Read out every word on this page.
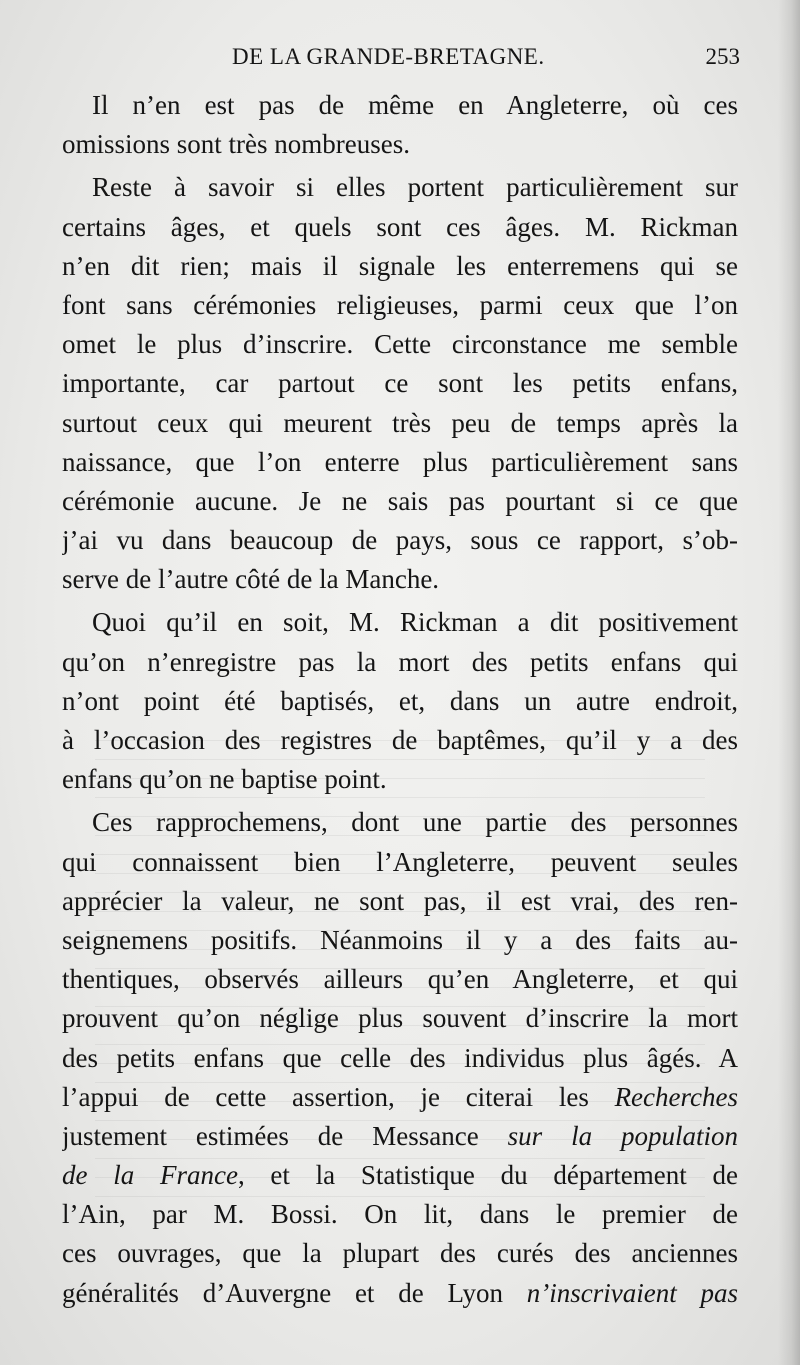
DE LA GRANDE-BRETAGNE.	253
Il n’en est pas de même en Angleterre, où ces
omissions sont très nombreuses.
Reste à savoir si elles portent particulièrement sur
certains âges, et quels sont ces âges. M. Rickman
n’en dit rien; mais il signale les enterremens qui se
font sans cérémonies religieuses, parmi ceux que l’on
omet le plus d’inscrire. Cette circonstance me semble
importante, car partout ce sont les petits enfans,
surtout ceux qui meurent très peu de temps après la
naissance, que l’on enterre plus particulièrement sans
cérémonie aucune. Je ne sais pas pourtant si ce que
j’ai vu dans beaucoup de pays, sous ce rapport, s’ob-
serve de l’autre côté de la Manche.
Quoi qu’il en soit, M. Rickman a dit positivement
qu’on n’enregistre pas la mort des petits enfans qui
n’ont point été baptisés, et, dans un autre endroit,
à l’occasion des registres de baptêmes, qu’il y a des
enfans qu’on ne baptise point.
Ces rapprochemens, dont une partie des personnes
qui connaissent bien l’Angleterre, peuvent seules
apprécier la valeur, ne sont pas, il est vrai, des ren-
seignemens positifs. Néanmoins il y a des faits au-
thentiques, observés ailleurs qu’en Angleterre, et qui
prouvent qu’on néglige plus souvent d’inscrire la mort
des petits enfans que celle des individus plus âgés. A
l’appui de cette assertion, je citerai les Recherches
justement estimées de Messance sur la population
de la France, et la Statistique du département de
l’Ain, par M. Bossi. On lit, dans le premier de
ces ouvrages, que la plupart des curés des anciennes
généralités d’Auvergne et de Lyon n’inscrivaient pas
